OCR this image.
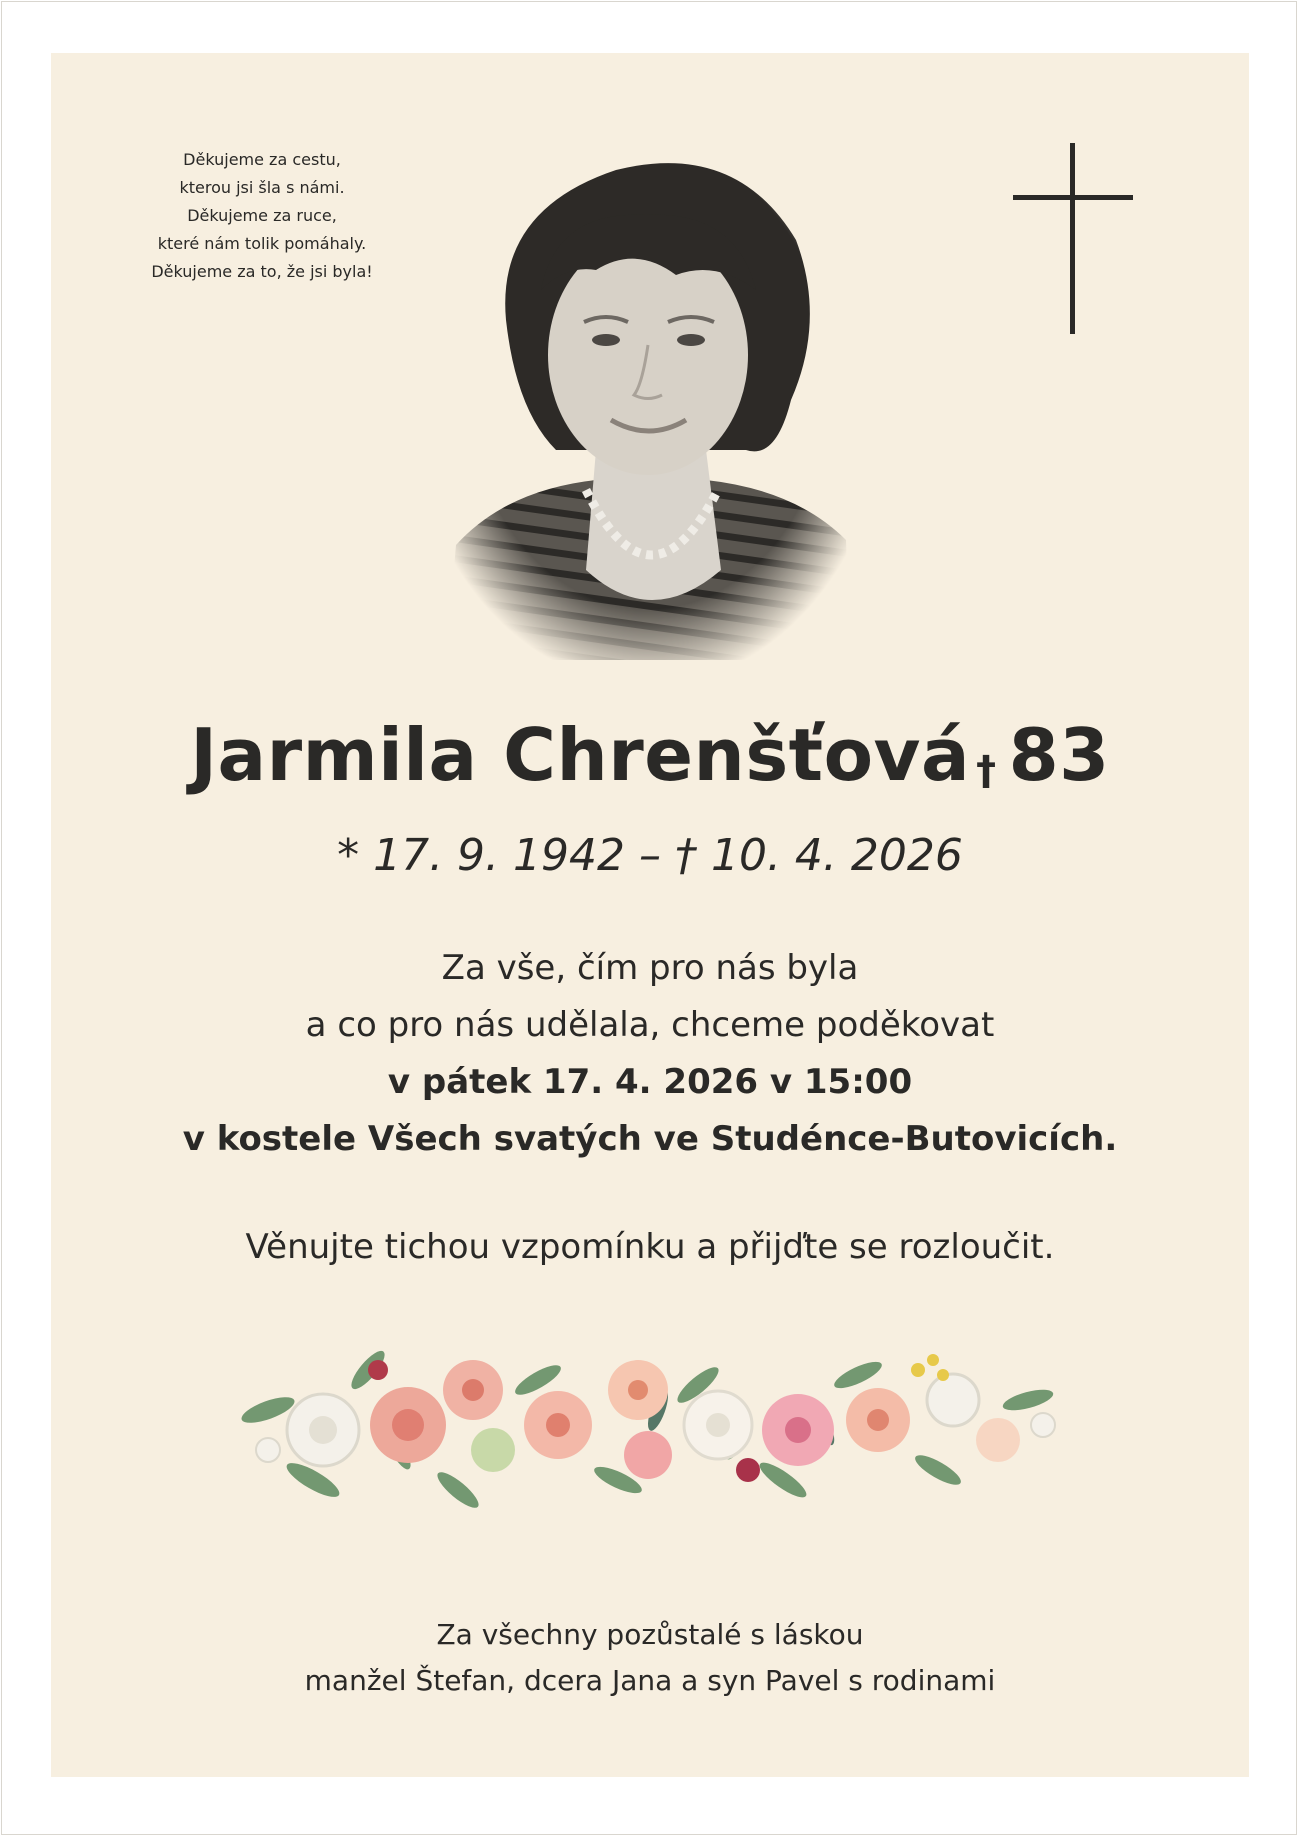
Děkujeme za cestu,
kterou jsi šla s námi.
Děkujeme za ruce,
které nám tolik pomáhaly.
Děkujeme za to, že jsi byla!
Jarmila Chrenšťová † 83
* 17. 9. 1942 – † 10. 4. 2026
Za vše, čím pro nás byla
a co pro nás udělala, chceme poděkovat
v pátek 17. 4. 2026 v 15:00
v kostele Všech svatých ve Studénce-Butovicích.
Věnujte tichou vzpomínku a přijďte se rozloučit.
Za všechny pozůstalé s láskou
manžel Štefan, dcera Jana a syn Pavel s rodinami
